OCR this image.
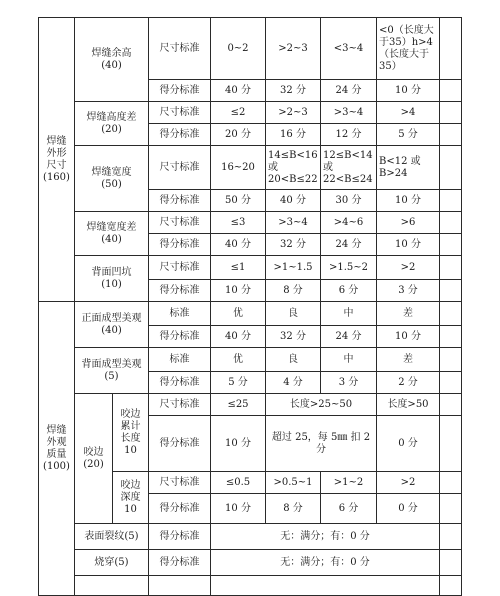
焊缝
外形
尺寸
(160)	焊缝余高
(40)		尺寸标准	0~2	>2~3	<3~4	<0（长度大于35）h>4（长度大于35）	
			得分标准	40 分	32 分	24 分	10 分	
	焊缝高度差
(20)		尺寸标准	≤2	>2~3	>3~4	>4	
			得分标准	20 分	16 分	12 分	5 分	
	焊缝宽度
(50)		尺寸标准	16~20	14≤B<16 或 20<B≤22	12≤B<14 或 22<B≤24	B<12 或 B>24	
			得分标准	50 分	40 分	30 分	10 分	
	焊缝宽度差
(40)		尺寸标准	≤3	>3~4	>4~6	>6	
			得分标准	40 分	32 分	24 分	10 分	
	背面凹坑
(10)		尺寸标准	≤1	>1~1.5	>1.5~2	>2	
			得分标准	10 分	8 分	6 分	3 分	
焊缝
外观
质量
(100)	正面成型美观
(40)		标准	优	良	中	差	
			得分标准	40 分	32 分	24 分	10 分	
	背面成型美观
(5)		标准	优	良	中	差	
			得分标准	5 分	4 分	3 分	2 分	
	咬边
(20)	咬边
累计
长度
10	尺寸标准	≤25	长度>25~50		长度>50	
			得分标准	10 分	超过 25，每 5㎜ 扣 2 分		0 分	
		咬边
深度
10	尺寸标准	≤0.5	>0.5~1	>1~2	>2	
			得分标准	10 分	8 分	6 分	0 分	
	表面裂纹(5)		得分标准	无：满分；有：0 分				
	烧穿(5)		得分标准	无：满分；有：0 分				
